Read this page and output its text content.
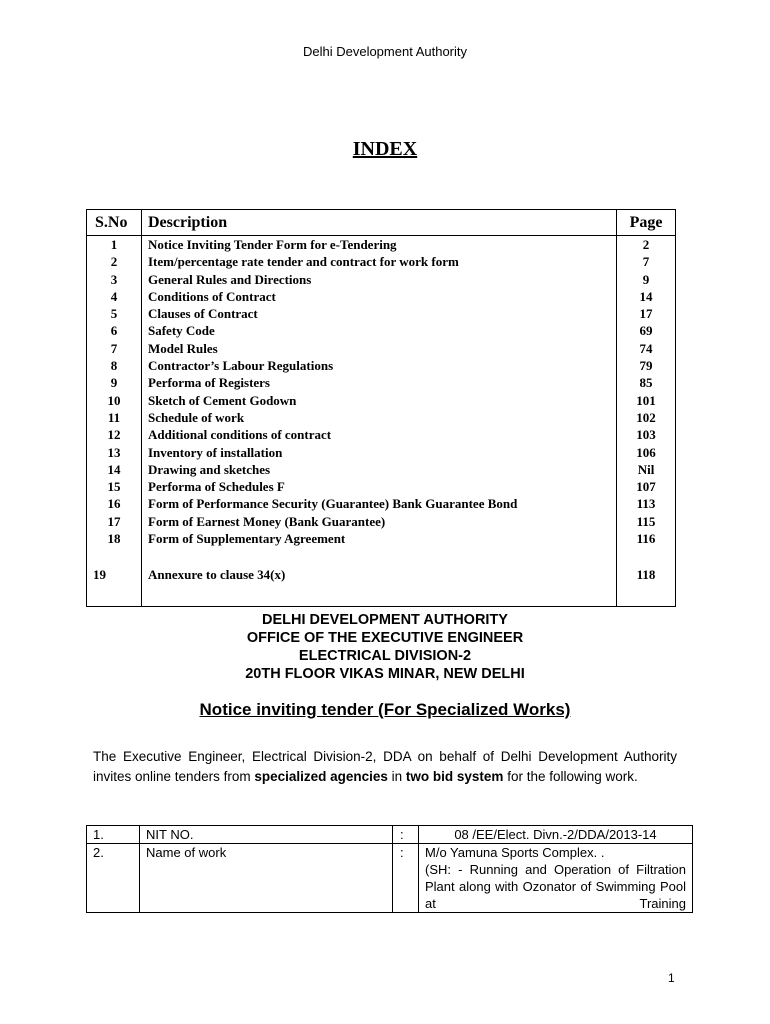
Delhi Development Authority
INDEX
S.No	Description	Page
1	Notice Inviting Tender Form for e-Tendering	2
2	Item/percentage rate tender and contract for work form	7
3	General Rules and Directions	9
4	Conditions of Contract	14
5	Clauses of Contract	17
6	Safety Code	69
7	Model Rules	74
8	Contractor’s Labour Regulations	79
9	Performa of Registers	85
10	Sketch of Cement Godown	101
11	Schedule of work	102
12	Additional conditions of contract	103
13	Inventory of installation	106
14	Drawing and sketches	Nil
15	Performa of Schedules F	107
16	Form of Performance Security (Guarantee) Bank Guarantee Bond	113
17	Form of Earnest Money (Bank Guarantee)	115
18	Form of Supplementary Agreement	116
19	Annexure to clause 34(x)	118
DELHI DEVELOPMENT AUTHORITY
OFFICE OF THE EXECUTIVE ENGINEER
ELECTRICAL DIVISION-2
20TH FLOOR VIKAS MINAR, NEW DELHI
Notice inviting tender (For Specialized Works)
The Executive Engineer, Electrical Division-2, DDA on behalf of Delhi Development Authority invites online tenders from specialized agencies in two bid system for the following work.
1.	NIT NO.	:	08 /EE/Elect. Divn.-2/DDA/2013-14
2.	Name of work	:	M/o Yamuna Sports Complex. .
(SH: - Running and Operation of Filtration Plant along with Ozonator of Swimming Pool at Training
1
